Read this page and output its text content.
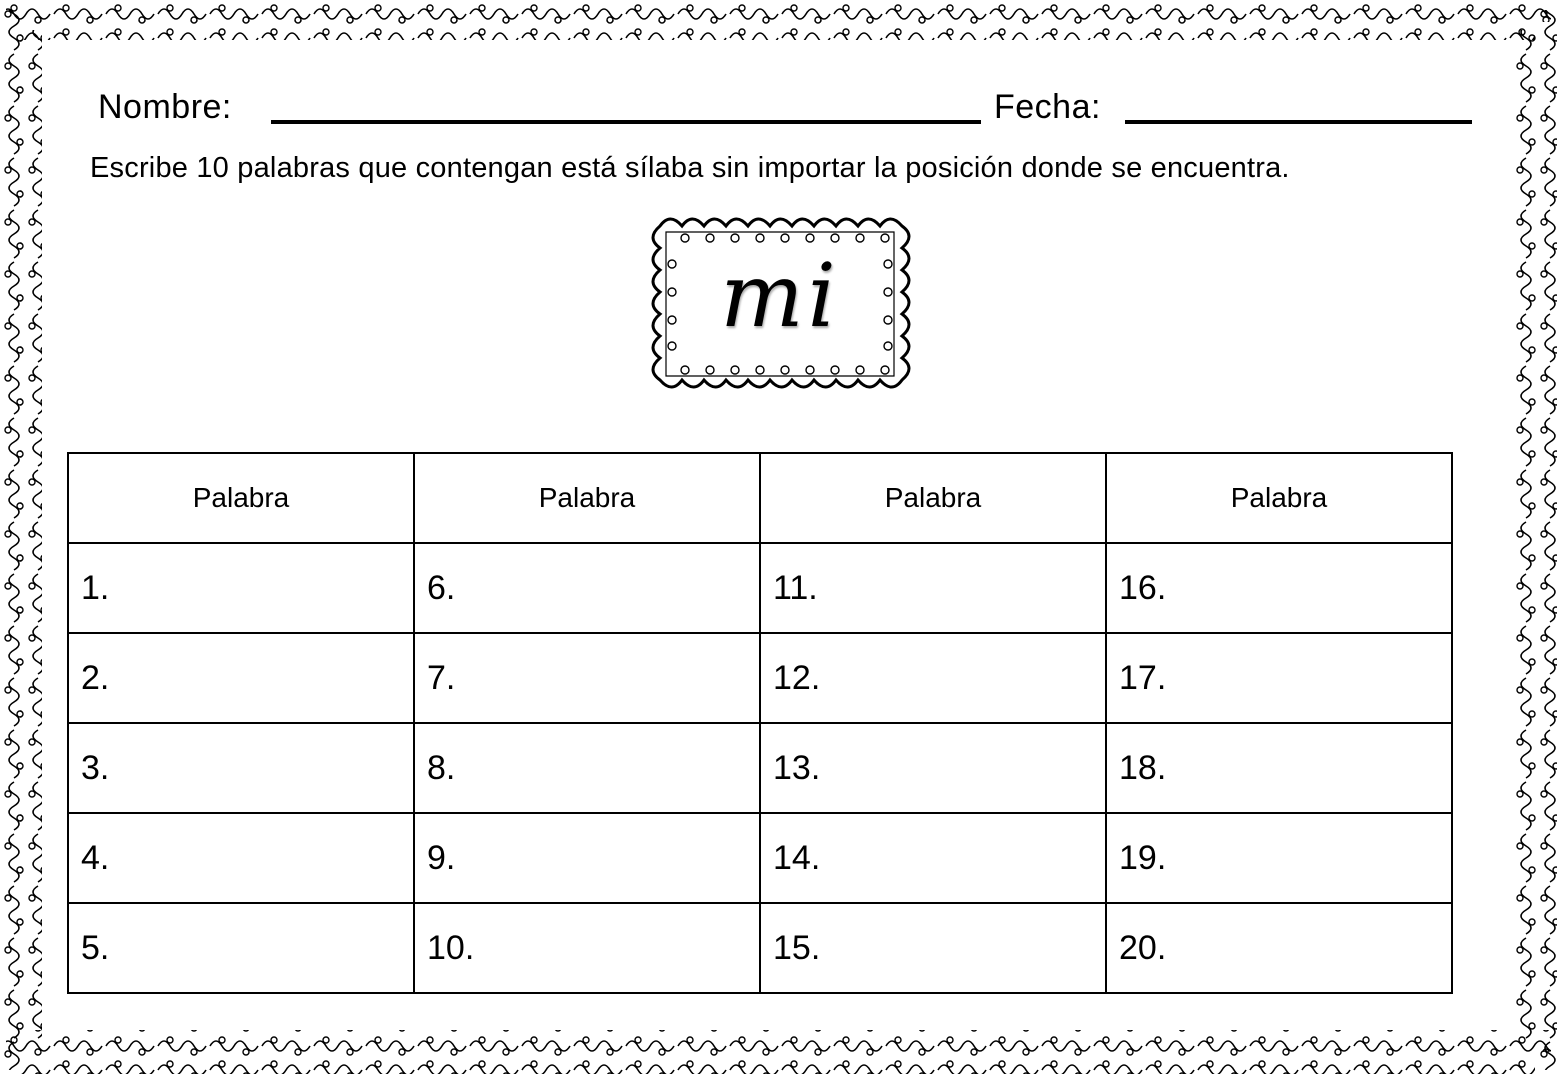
Nombre:	Fecha:
Escribe 10 palabras que contengan está sílaba sin importar la posición donde se encuentra.
mi
Palabra	Palabra	Palabra	Palabra
1.	6.	11.	16.
2.	7.	12.	17.
3.	8.	13.	18.
4.	9.	14.	19.
5.	10.	15.	20.
